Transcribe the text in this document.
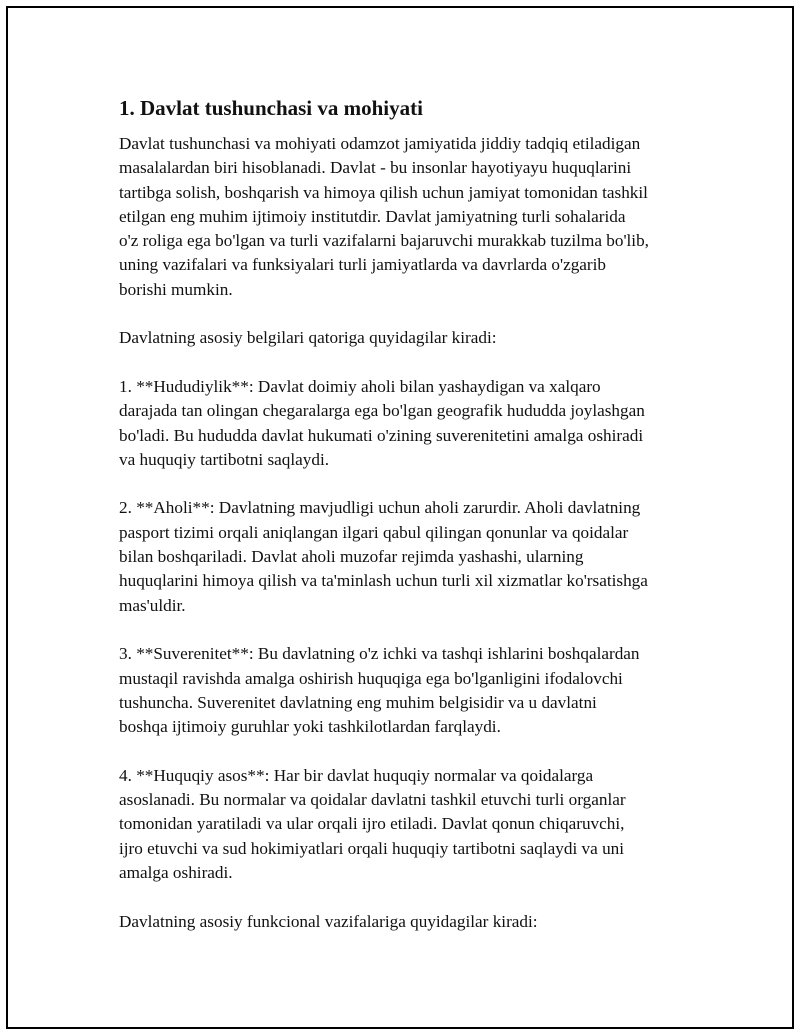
1. Davlat tushunchasi va mohiyati
Davlat tushunchasi va mohiyati odamzot jamiyatida jiddiy tadqiq etiladigan
masalalardan biri hisoblanadi. Davlat - bu insonlar hayotiyayu huquqlarini
tartibga solish, boshqarish va himoya qilish uchun jamiyat tomonidan tashkil
etilgan eng muhim ijtimoiy institutdir. Davlat jamiyatning turli sohalarida
o'z roliga ega bo'lgan va turli vazifalarni bajaruvchi murakkab tuzilma bo'lib,
uning vazifalari va funksiyalari turli jamiyatlarda va davrlarda o'zgarib
borishi mumkin.
Davlatning asosiy belgilari qatoriga quyidagilar kiradi:
1. **Hududiylik**: Davlat doimiy aholi bilan yashaydigan va xalqaro
darajada tan olingan chegaralarga ega bo'lgan geografik hududda joylashgan
bo'ladi. Bu hududda davlat hukumati o'zining suverenitetini amalga oshiradi
va huquqiy tartibotni saqlaydi.
2. **Aholi**: Davlatning mavjudligi uchun aholi zarurdir. Aholi davlatning
pasport tizimi orqali aniqlangan ilgari qabul qilingan qonunlar va qoidalar
bilan boshqariladi. Davlat aholi muzofar rejimda yashashi, ularning
huquqlarini himoya qilish va ta'minlash uchun turli xil xizmatlar ko'rsatishga
mas'uldir.
3. **Suverenitet**: Bu davlatning o'z ichki va tashqi ishlarini boshqalardan
mustaqil ravishda amalga oshirish huquqiga ega bo'lganligini ifodalovchi
tushuncha. Suverenitet davlatning eng muhim belgisidir va u davlatni
boshqa ijtimoiy guruhlar yoki tashkilotlardan farqlaydi.
4. **Huquqiy asos**: Har bir davlat huquqiy normalar va qoidalarga
asoslanadi. Bu normalar va qoidalar davlatni tashkil etuvchi turli organlar
tomonidan yaratiladi va ular orqali ijro etiladi. Davlat qonun chiqaruvchi,
ijro etuvchi va sud hokimiyatlari orqali huquqiy tartibotni saqlaydi va uni
amalga oshiradi.
Davlatning asosiy funkcional vazifalariga quyidagilar kiradi:
